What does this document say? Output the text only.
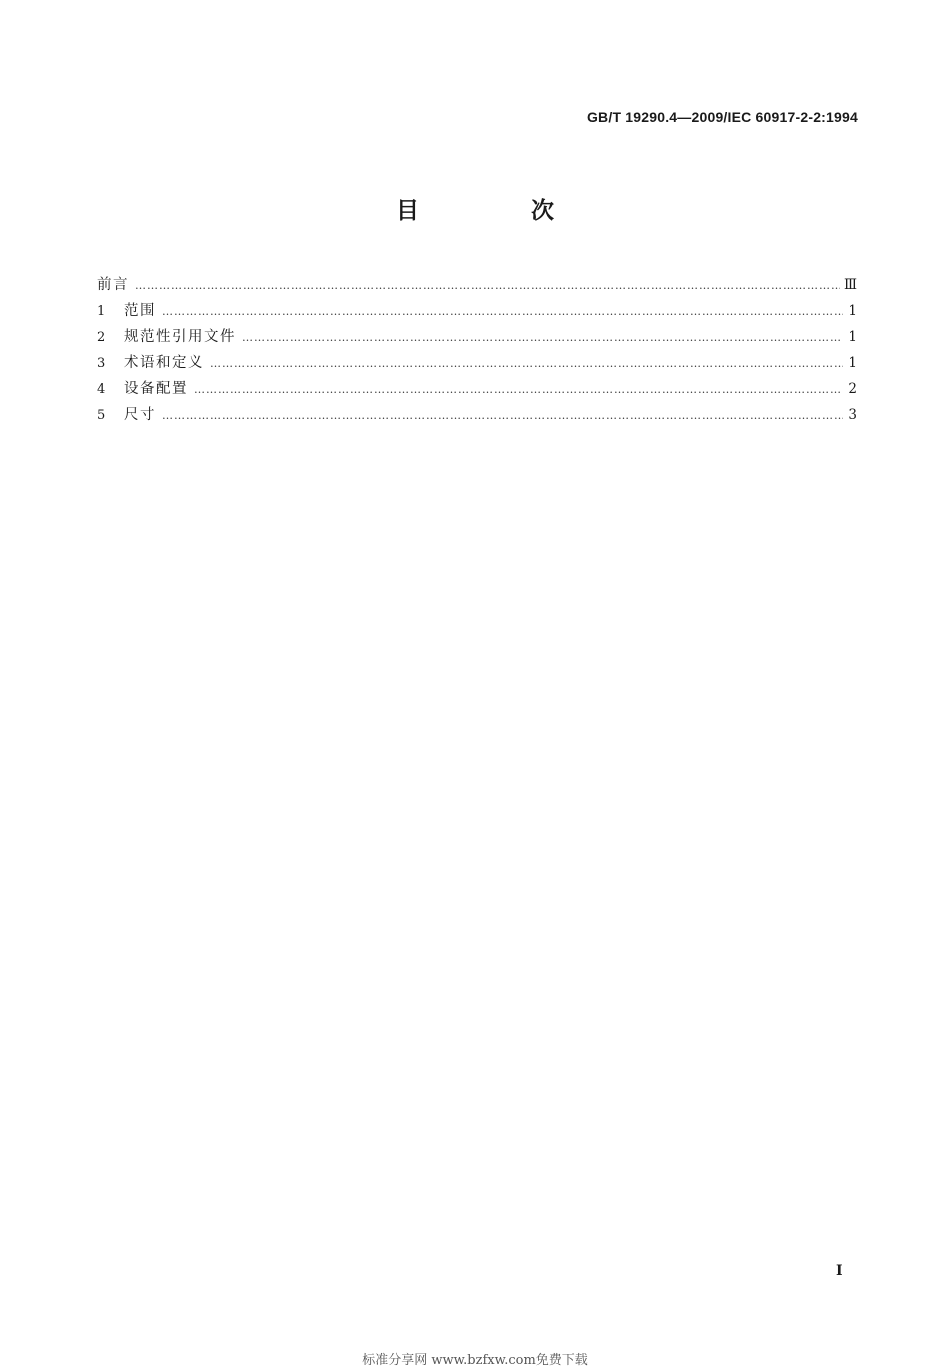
GB/T 19290.4—2009/IEC 60917-2-2:1994
目 次
前言 ……………………………………………………………………………………………………………………………………………………………………………………………………	Ⅲ
1	范围 ……………………………………………………………………………………………………………………………………………………………………………………………………	1
2	规范性引用文件 ……………………………………………………………………………………………………………………………………………………………………………………………………	1
3	术语和定义 ……………………………………………………………………………………………………………………………………………………………………………………………………	1
4	设备配置 ……………………………………………………………………………………………………………………………………………………………………………………………………	2
5	尺寸 ……………………………………………………………………………………………………………………………………………………………………………………………………	3
I
标准分享网 www.bzfxw.com免费下载
